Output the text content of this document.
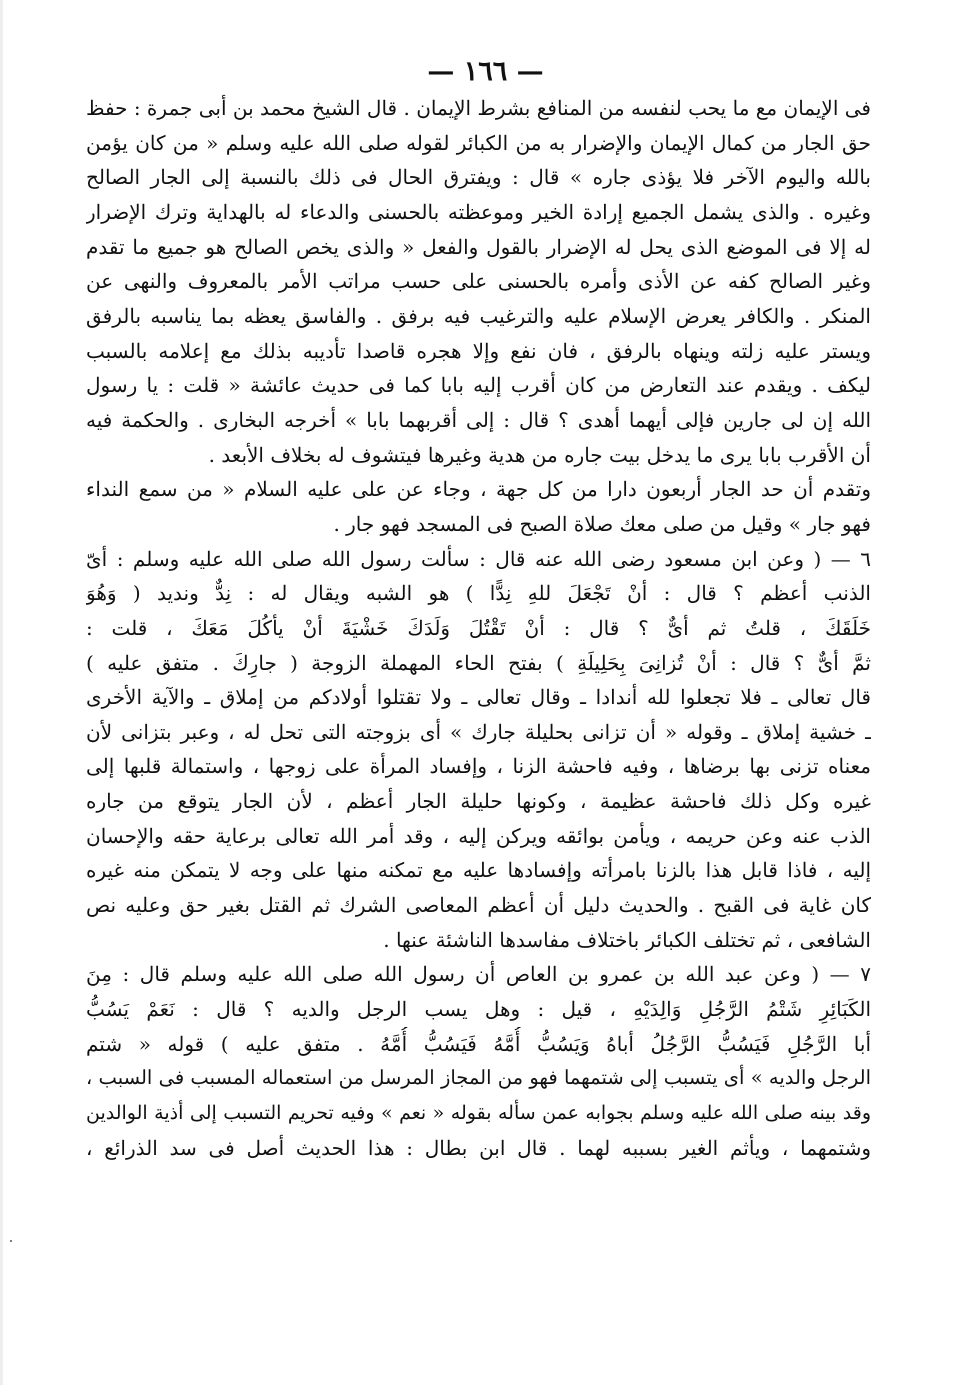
— ١٦٦ —
فى الإيمان مع ما يحب لنفسه من المنافع بشرط الإيمان . قال الشيخ محمد بن أبى جمرة : حفظ
حق الجار من كمال الإيمان والإضرار به من الكبائر لقوله صلى الله عليه وسلم « من كان يؤمن
بالله واليوم الآخر فلا يؤذى جاره » قال : ويفترق الحال فى ذلك بالنسبة إلى الجار الصالح
وغيره . والذى يشمل الجميع إرادة الخير وموعظته بالحسنى والدعاء له بالهداية وترك الإضرار
له إلا فى الموضع الذى يحل له الإضرار بالقول والفعل « والذى يخص الصالح هو جميع ما تقدم
وغير الصالح كفه عن الأذى وأمره بالحسنى على حسب مراتب الأمر بالمعروف والنهى عن
المنكر . والكافر يعرض الإسلام عليه والترغيب فيه برفق . والفاسق يعظه بما يناسبه بالرفق
ويستر عليه زلته وينهاه بالرفق ، فان نفع وإلا هجره قاصدا تأديبه بذلك مع إعلامه بالسبب
ليكف . ويقدم عند التعارض من كان أقرب إليه بابا كما فى حديث عائشة « قلت : يا رسول
الله إن لى جارين فإلى أيهما أهدى ؟ قال : إلى أقربهما بابا » أخرجه البخارى . والحكمة فيه
أن الأقرب بابا يرى ما يدخل بيت جاره من هدية وغيرها فيتشوف له بخلاف الأبعد .
وتقدم أن حد الجار أربعون دارا من كل جهة ، وجاء عن على عليه السلام « من سمع النداء
فهو جار » وقيل من صلى معك صلاة الصبح فى المسجد فهو جار .
٦ — ( وعن ابن مسعود رضى الله عنه قال : سألت رسول الله صلى الله عليه وسلم : أىّ
الذنب أعظم ؟ قال : أنْ تَجْعَلَ للهِ نِدًّا ) هو الشبه ويقال له : نِدٌّ ونديد ( وَهُوَ
خَلَقَكَ ، قلتُ ثم أىٌّ ؟ قال : أنْ تَقْتُلَ وَلَدَكَ خَشْيَةَ أنْ يأكُلَ مَعَكَ ، قلت :
ثمَّ أىٌّ ؟ قال : أنْ تُزانِىَ بِحَلِيلَةِ ) بفتح الحاء المهملة الزوجة ( جارِكَ . متفق عليه )
قال تعالى ـ فلا تجعلوا لله أندادا ـ وقال تعالى ـ ولا تقتلوا أولادكم من إملاق ـ والآية الأخرى
ـ خشية إملاق ـ وقوله « أن تزانى بحليلة جارك » أى بزوجته التى تحل له ، وعبر بتزانى لأن
معناه تزنى بها برضاها ، وفيه فاحشة الزنا ، وإفساد المرأة على زوجها ، واستمالة قلبها إلى
غيره وكل ذلك فاحشة عظيمة ، وكونها حليلة الجار أعظم ، لأن الجار يتوقع من جاره
الذب عنه وعن حريمه ، ويأمن بوائقه ويركن إليه ، وقد أمر الله تعالى برعاية حقه والإحسان
إليه ، فاذا قابل هذا بالزنا بامرأته وإفسادها عليه مع تمكنه منها على وجه لا يتمكن منه غيره
كان غاية فى القبح . والحديث دليل أن أعظم المعاصى الشرك ثم القتل بغير حق وعليه نص
الشافعى ، ثم تختلف الكبائر باختلاف مفاسدها الناشئة عنها .
٧ — ( وعن عبد الله بن عمرو بن العاص أن رسول الله صلى الله عليه وسلم قال : مِنَ
الكَبَائِرِ شَتْمُ الرَّجُلِ وَالِدَيْهِ ، قيل : وهل يسب الرجل والديه ؟ قال : نَعَمْ يَسُبُّ
أبا الرَّجُلِ فَيَسُبُّ الرَّجُلُ أباهُ وَيَسُبُّ أُمَّهُ فَيَسُبُّ أُمَّهُ . متفق عليه ) قوله « شتم
الرجل والديه » أى يتسبب إلى شتمهما فهو من المجاز المرسل من استعماله المسبب فى السبب ،
وقد بينه صلى الله عليه وسلم بجوابه عمن سأله بقوله « نعم » وفيه تحريم التسبب إلى أذية الوالدين
وشتمهما ، ويأثم الغير بسببه لهما . قال ابن بطال : هذا الحديث أصل فى سد الذرائع ،
